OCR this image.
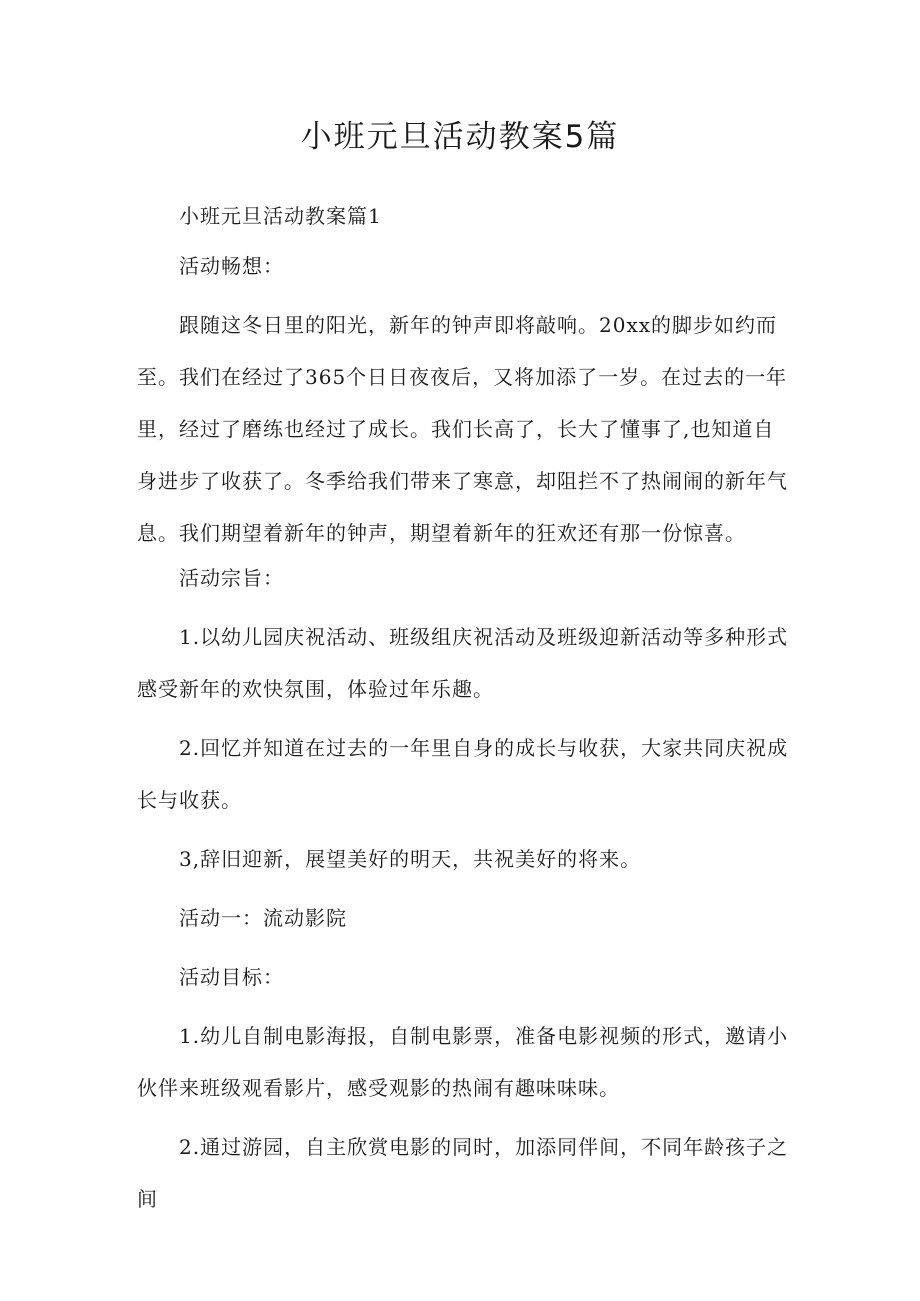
小班元旦活动教案5篇

小班元旦活动教案篇1

活动畅想：

跟随这冬日里的阳光，新年的钟声即将敲响。20xx的脚步如约而至。我们在经过了365个日日夜夜后，又将加添了一岁。在过去的一年里，经过了磨练也经过了成长。我们长高了，长大了懂事了,也知道自身进步了收获了。冬季给我们带来了寒意，却阻拦不了热闹闹的新年气息。我们期望着新年的钟声，期望着新年的狂欢还有那一份惊喜。

活动宗旨：

1.以幼儿园庆祝活动、班级组庆祝活动及班级迎新活动等多种形式感受新年的欢快氛围，体验过年乐趣。

2.回忆并知道在过去的一年里自身的成长与收获，大家共同庆祝成长与收获。

3,辞旧迎新，展望美好的明天，共祝美好的将来。

活动一：流动影院

活动目标：

1.幼儿自制电影海报，自制电影票，准备电影视频的形式，邀请小伙伴来班级观看影片，感受观影的热闹有趣味味味。

2.通过游园，自主欣赏电影的同时，加添同伴间，不同年龄孩子之间
